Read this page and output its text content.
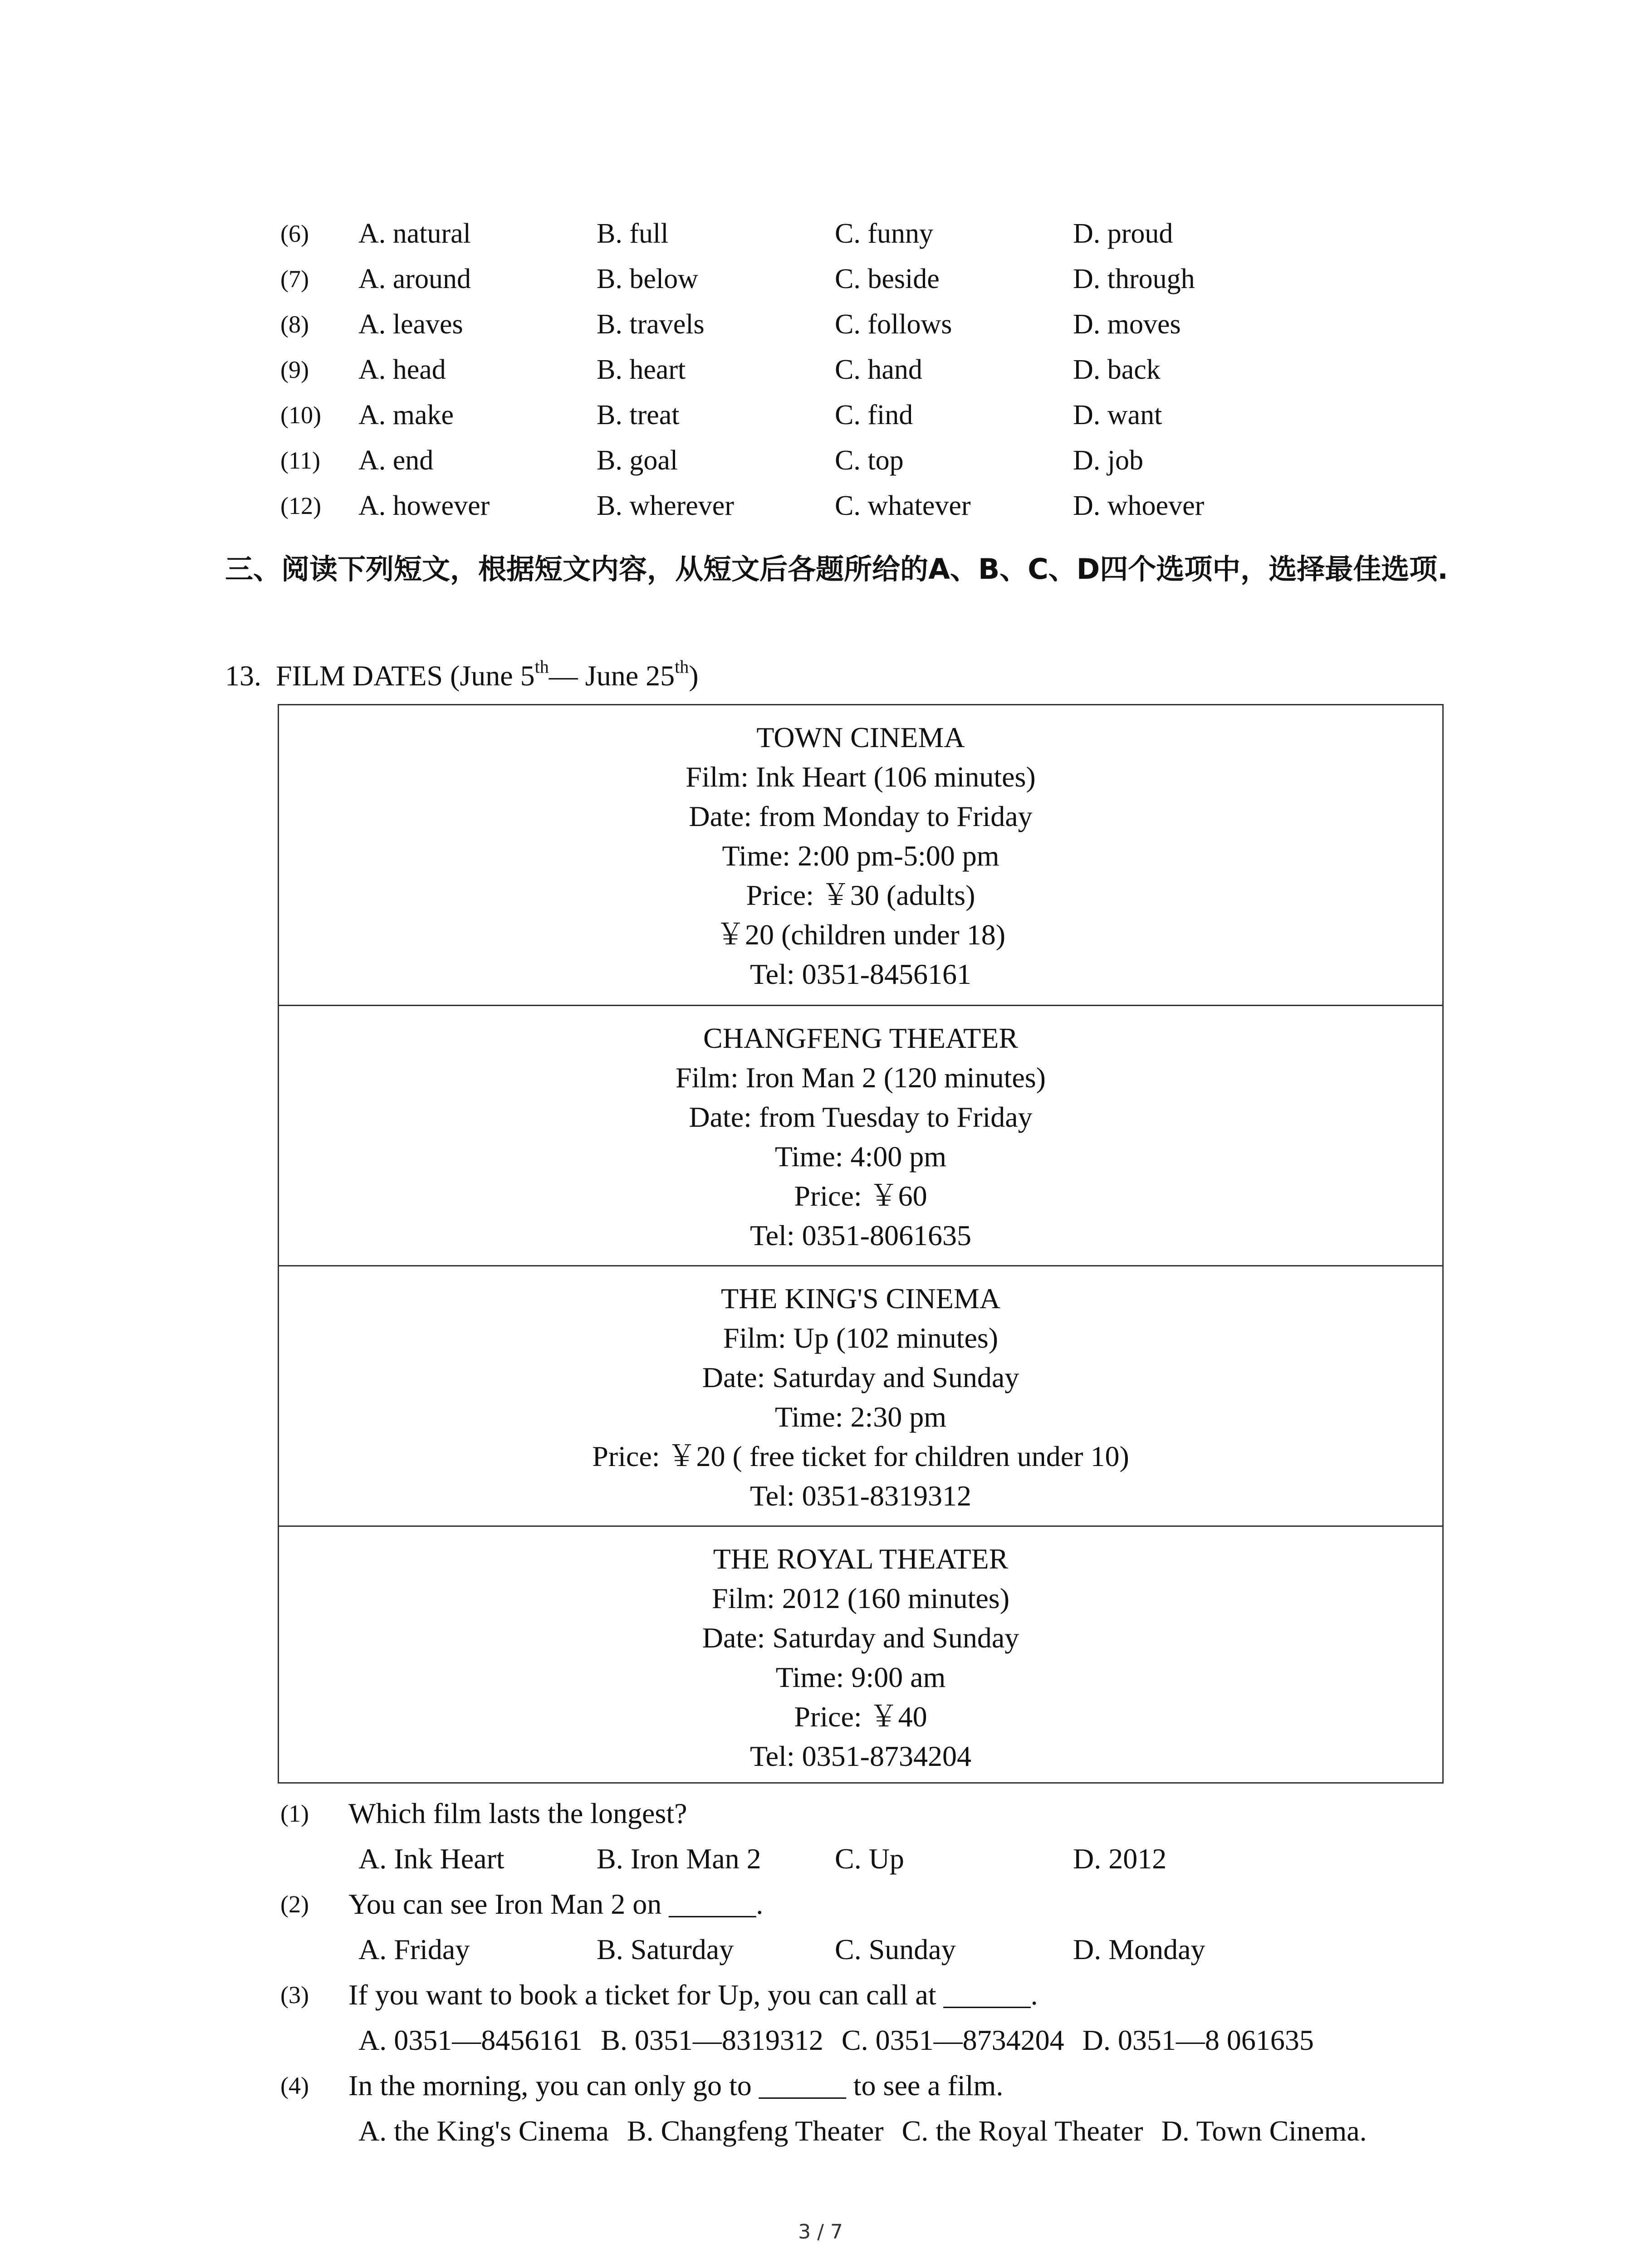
(6) A. natural	B. full	C. funny	D. proud
(7) A. around	B. below	C. beside	D. through
(8) A. leaves	B. travels	C. follows	D. moves
(9) A. head	B. heart	C. hand	D. back
(10) A. make	B. treat	C. find	D. want
(11) A. end	B. goal	C. top	D. job
(12) A. however	B. wherever	C. whatever	D. whoever
三、阅读下列短文，根据短文内容，从短文后各题所给的A、B、C、D四个选项中，选择最佳选项.
13. FILM DATES (June 5th— June 25th)
TOWN CINEMA
Film: Ink Heart (106 minutes)
Date: from Monday to Friday
Time: 2:00 pm-5:00 pm
Price: ￥30 (adults)
￥20 (children under 18)
Tel: 0351-8456161
CHANGFENG THEATER
Film: Iron Man 2 (120 minutes)
Date: from Tuesday to Friday
Time: 4:00 pm
Price: ￥60
Tel: 0351-8061635
THE KING'S CINEMA
Film: Up (102 minutes)
Date: Saturday and Sunday
Time: 2:30 pm
Price: ￥20 ( free ticket for children under 10)
Tel: 0351-8319312
THE ROYAL THEATER
Film: 2012 (160 minutes)
Date: Saturday and Sunday
Time: 9:00 am
Price: ￥40
Tel: 0351-8734204
(1) Which film lasts the longest?
A. Ink Heart	B. Iron Man 2	C. Up	D. 2012
(2) You can see Iron Man 2 on ______.
A. Friday	B. Saturday	C. Sunday	D. Monday
(3) If you want to book a ticket for Up, you can call at ______.
A. 0351—8456161 B. 0351—8319312 C. 0351—8734204 D. 0351—8 061635
(4) In the morning, you can only go to ______ to see a film.
A. the King's Cinema B. Changfeng Theater C. the Royal Theater D. Town Cinema.
3 / 7
